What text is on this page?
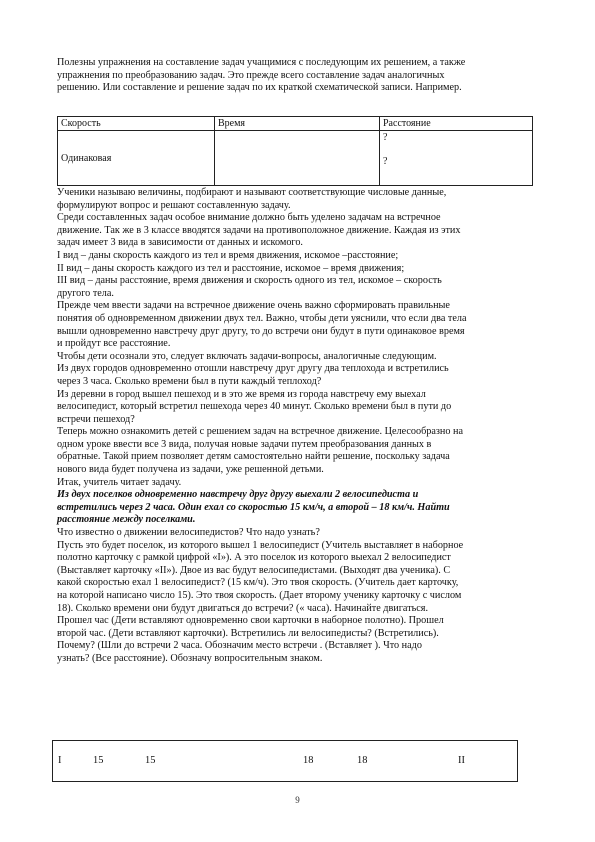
Полезны упражнения на составление задач учащимися с последующим их решением, а также

упражнения по преобразованию задач. Это прежде всего составление задач аналогичных

решению. Или составление и решение задач по их краткой схематической записи. Например.

Скорость	Время	Расстояние
Одинаковая		?
?

Ученики называю величины, подбирают и называют соответствующие числовые данные,

формулируют вопрос и решают составленную задачу.

Среди составленных задач особое внимание должно быть уделено задачам на встречное

движение. Так же в 3 классе вводятся задачи на противоположное движение. Каждая из этих

задач имеет 3 вида в зависимости от данных и искомого.

I вид – даны скорость каждого из тел и время движения, искомое –расстояние;

II вид – даны скорость каждого из тел и расстояние, искомое – время движения;

III вид – даны расстояние, время движения и скорость одного из тел, искомое – скорость

другого тела.

Прежде чем ввести задачи на встречное движение очень важно сформировать правильные

понятия об одновременном движении двух тел. Важно, чтобы дети уяснили, что если два тела

вышли одновременно навстречу друг другу, то до встречи они будут в пути одинаковое время

и пройдут все расстояние.

Чтобы дети осознали это, следует включать задачи-вопросы, аналогичные следующим.

Из двух городов одновременно отошли навстречу друг другу два теплохода и встретились

через 3 часа. Сколько времени был в пути каждый теплоход?

Из деревни в город вышел пешеход и в это же время из города навстречу ему выехал

велосипедист, который встретил пешехода через 40 минут. Сколько времени был в пути до

встречи пешеход?

Теперь можно ознакомить детей с решением задач на встречное движение. Целесообразно на

одном уроке ввести все 3 вида, получая новые задачи путем преобразования данных в

обратные. Такой прием позволяет детям самостоятельно найти решение, поскольку задача

нового вида будет получена из задачи, уже решенной детьми.

Итак, учитель читает задачу.

Из двух поселков одновременно навстречу друг другу выехали 2 велосипедиста и

встретились через 2 часа. Один ехал со скоростью 15 км/ч, а второй – 18 км/ч. Найти

расстояние между поселками.

Что известно о движении велосипедистов? Что надо узнать?

Пусть это будет поселок, из которого вышел 1 велосипедист (Учитель выставляет в наборное

полотно карточку с рамкой цифрой «I»). А это поселок из которого выехал 2 велосипедист

(Выставляет карточку «II»). Двое из вас будут велосипедистами. (Выходят два ученика). С

какой скоростью ехал 1 велосипедист? (15 км/ч). Это твоя скорость. (Учитель дает карточку,

на которой написано число 15). Это твоя скорость. (Дает второму ученику карточку с числом

18). Сколько времени они будут двигаться до встречи? (« часа). Начинайте двигаться.

Прошел час (Дети вставляют одновременно свои карточки в наборное полотно). Прошел

второй час. (Дети вставляют карточки). Встретились ли велосипедисты? (Встретились).

Почему? (Шли до встречи 2 часа. Обозначим место встречи . (Вставляет ). Что надо

узнать? (Все расстояние). Обозначу вопросительным знаком.

I	15	15	18	18	II
9
